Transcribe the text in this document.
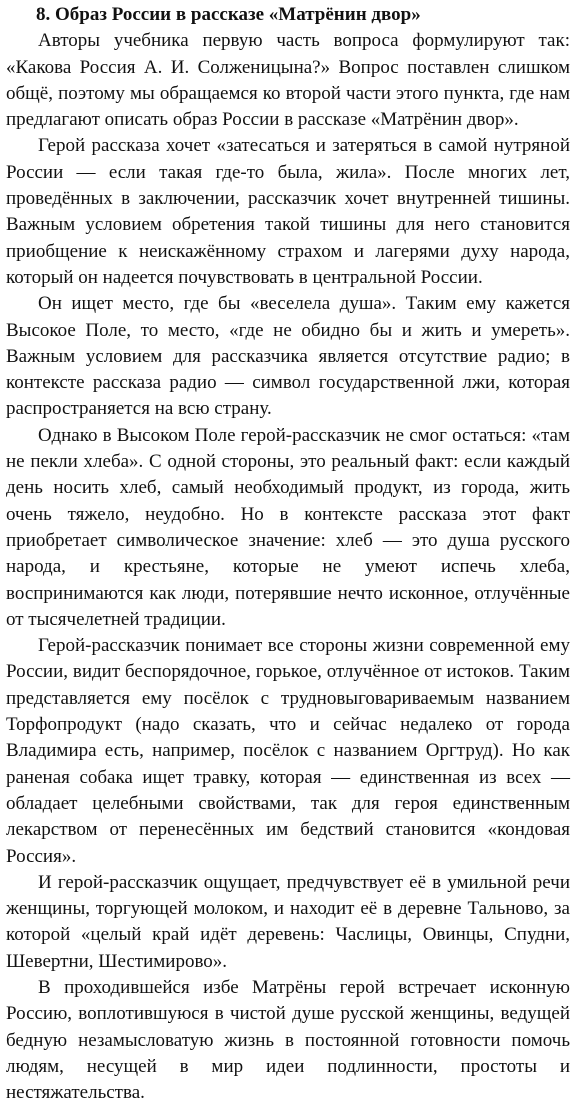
8. Образ России в рассказе «Матрёнин двор»

Авторы учебника первую часть вопроса формулируют так: «Какова Россия А. И. Солженицына?» Вопрос поставлен слишком общё, поэтому мы обращаемся ко второй части этого пункта, где нам предлагают описать образ России в рассказе «Матрёнин двор».

Герой рассказа хочет «затесаться и затеряться в самой нутряной России — если такая где-то была, жила». После многих лет, проведённых в заключении, рассказчик хочет внутренней тишины. Важным условием обретения такой тишины для него становится приобщение к неискажённому страхом и лагерями духу народа, который он надеется почувствовать в центральной России.

Он ищет место, где бы «веселела душа». Таким ему кажется Высокое Поле, то место, «где не обидно бы и жить и умереть». Важным условием для рассказчика является отсутствие радио; в контексте рассказа радио — символ государственной лжи, которая распространяется на всю страну.

Однако в Высоком Поле герой-рассказчик не смог остаться: «там не пекли хлеба». С одной стороны, это реальный факт: если каждый день носить хлеб, самый необходимый продукт, из города, жить очень тяжело, неудобно. Но в контексте рассказа этот факт приобретает символическое значение: хлеб — это душа русского народа, и крестьяне, которые не умеют испечь хлеба, воспринимаются как люди, потерявшие нечто исконное, отлучённые от тысячелетней традиции.

Герой-рассказчик понимает все стороны жизни современной ему России, видит беспорядочное, горькое, отлучённое от истоков. Таким представляется ему посёлок с трудновыговариваемым названием Торфопродукт (надо сказать, что и сейчас недалеко от города Владимира есть, например, посёлок с названием Оргтруд). Но как раненая собака ищет травку, которая — единственная из всех — обладает целебными свойствами, так для героя единственным лекарством от перенесённых им бедствий становится «кондовая Россия».

И герой-рассказчик ощущает, предчувствует её в умильной речи женщины, торгующей молоком, и находит её в деревне Тальново, за которой «целый край идёт деревень: Часлицы, Овинцы, Спудни, Шевертни, Шестимирово».

В проходившейся избе Матрёны герой встречает исконную Россию, воплотившуюся в чистой душе русской женщины, ведущей бедную незамысловатую жизнь в постоянной готовности помочь людям, несущей в мир идеи подлинности, простоты и нестяжательства.
